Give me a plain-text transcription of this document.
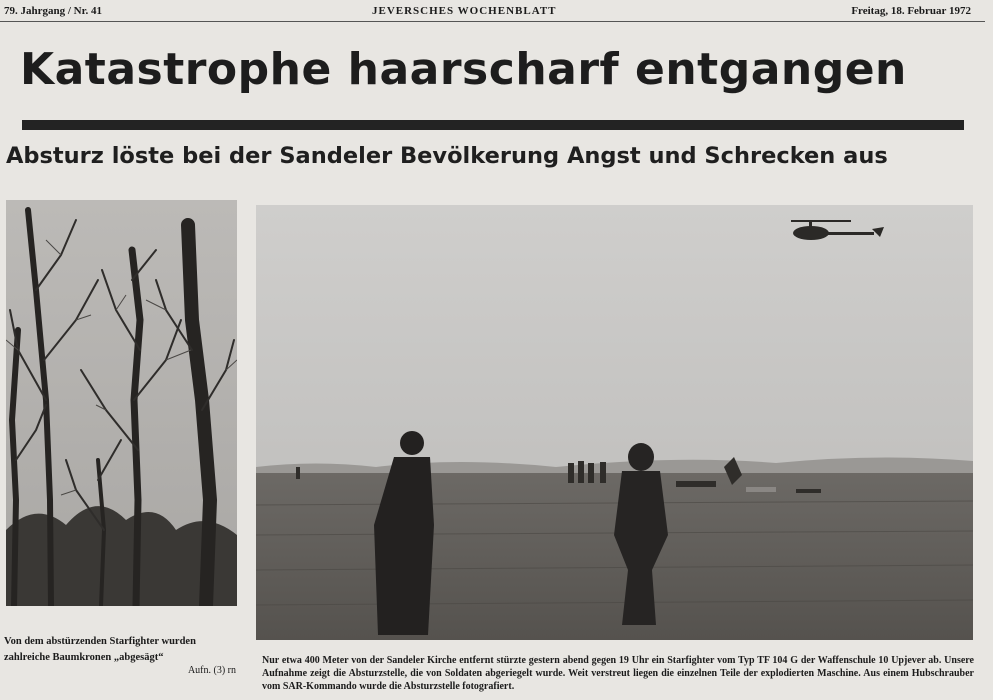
79. Jahrgang / Nr. 41	JEVERSCHES WOCHENBLATT	Freitag, 18. Februar 1972
Katastrophe haarscharf entgangen
Absturz löste bei der Sandeler Bevölkerung Angst und Schrecken aus
Von dem abstürzenden Starfighter wurden zahlreiche Baumkronen „abgesägt“
Aufn. (3) rn
Nur etwa 400 Meter von der Sandeler Kirche entfernt stürzte gestern abend gegen 19 Uhr ein Starfighter vom Typ TF 104 G der Waffenschule 10 Upjever ab. Unsere Aufnahme zeigt die Absturzstelle, die von Soldaten abgeriegelt wurde. Weit verstreut liegen die einzelnen Teile der explodierten Maschine. Aus einem Hubschrauber vom SAR-Kommando wurde die Absturzstelle fotografiert.
